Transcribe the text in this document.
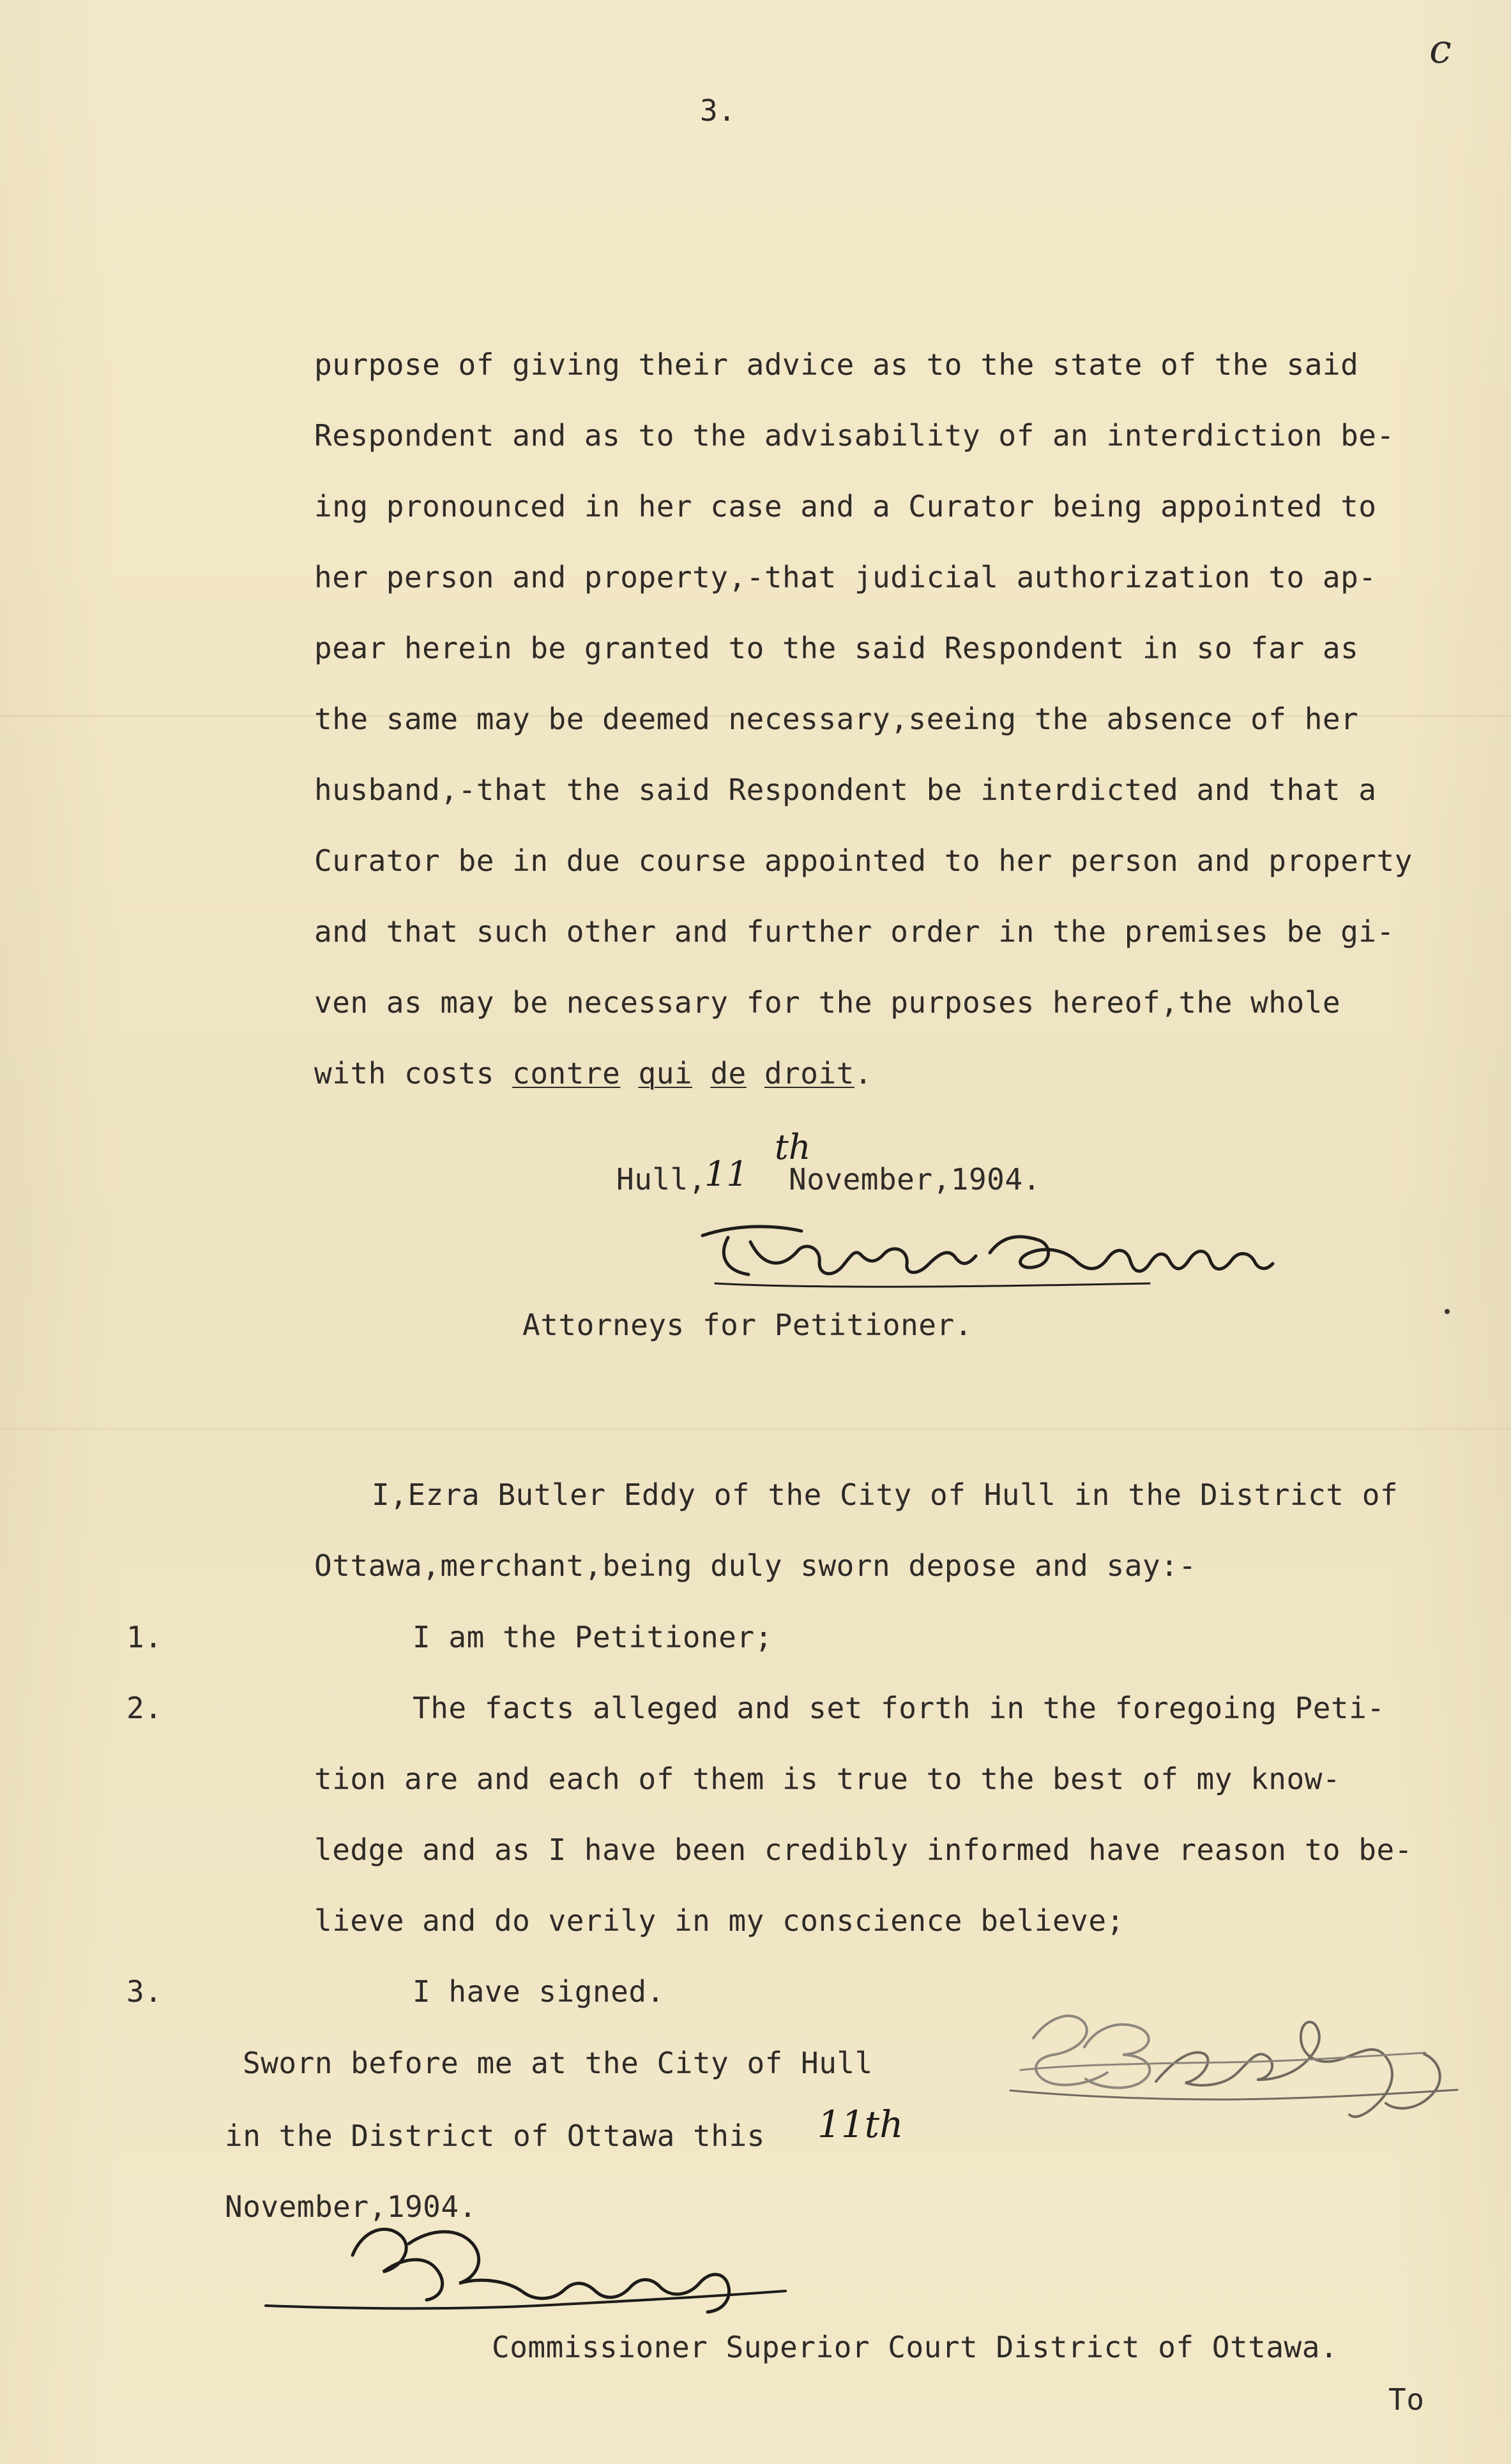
3.
c

purpose of giving their advice as to the state of the said

Respondent and as to the advisability of an interdiction be-

ing pronounced in her case and a Curator being appointed to

her person and property,-that judicial authorization to ap-

pear herein be granted to the said Respondent in so far as

the same may be deemed necessary,seeing the absence of her

husband,-that the said Respondent be interdicted and that a

Curator be in due course appointed to her person and property

and that such other and further order in the premises be gi-

ven as may be necessary for the purposes hereof,the whole

with costs contre qui de droit.

Hull,

11
th

November,1904.

Attorneys for Petitioner.

I,Ezra Butler Eddy of the City of Hull in the District of

Ottawa,merchant,being duly sworn depose and say:-

1.	I am the Petitioner;

2.	The facts alleged and set forth in the foregoing Peti-

tion are and each of them is true to the best of my know-

ledge and as I have been credibly informed have reason to be-

lieve and do verily in my conscience believe;

3.	I have signed.

Sworn before me at the City of Hull

in the District of Ottawa this 11th

November,1904.

Commissioner Superior Court District of Ottawa.

To
